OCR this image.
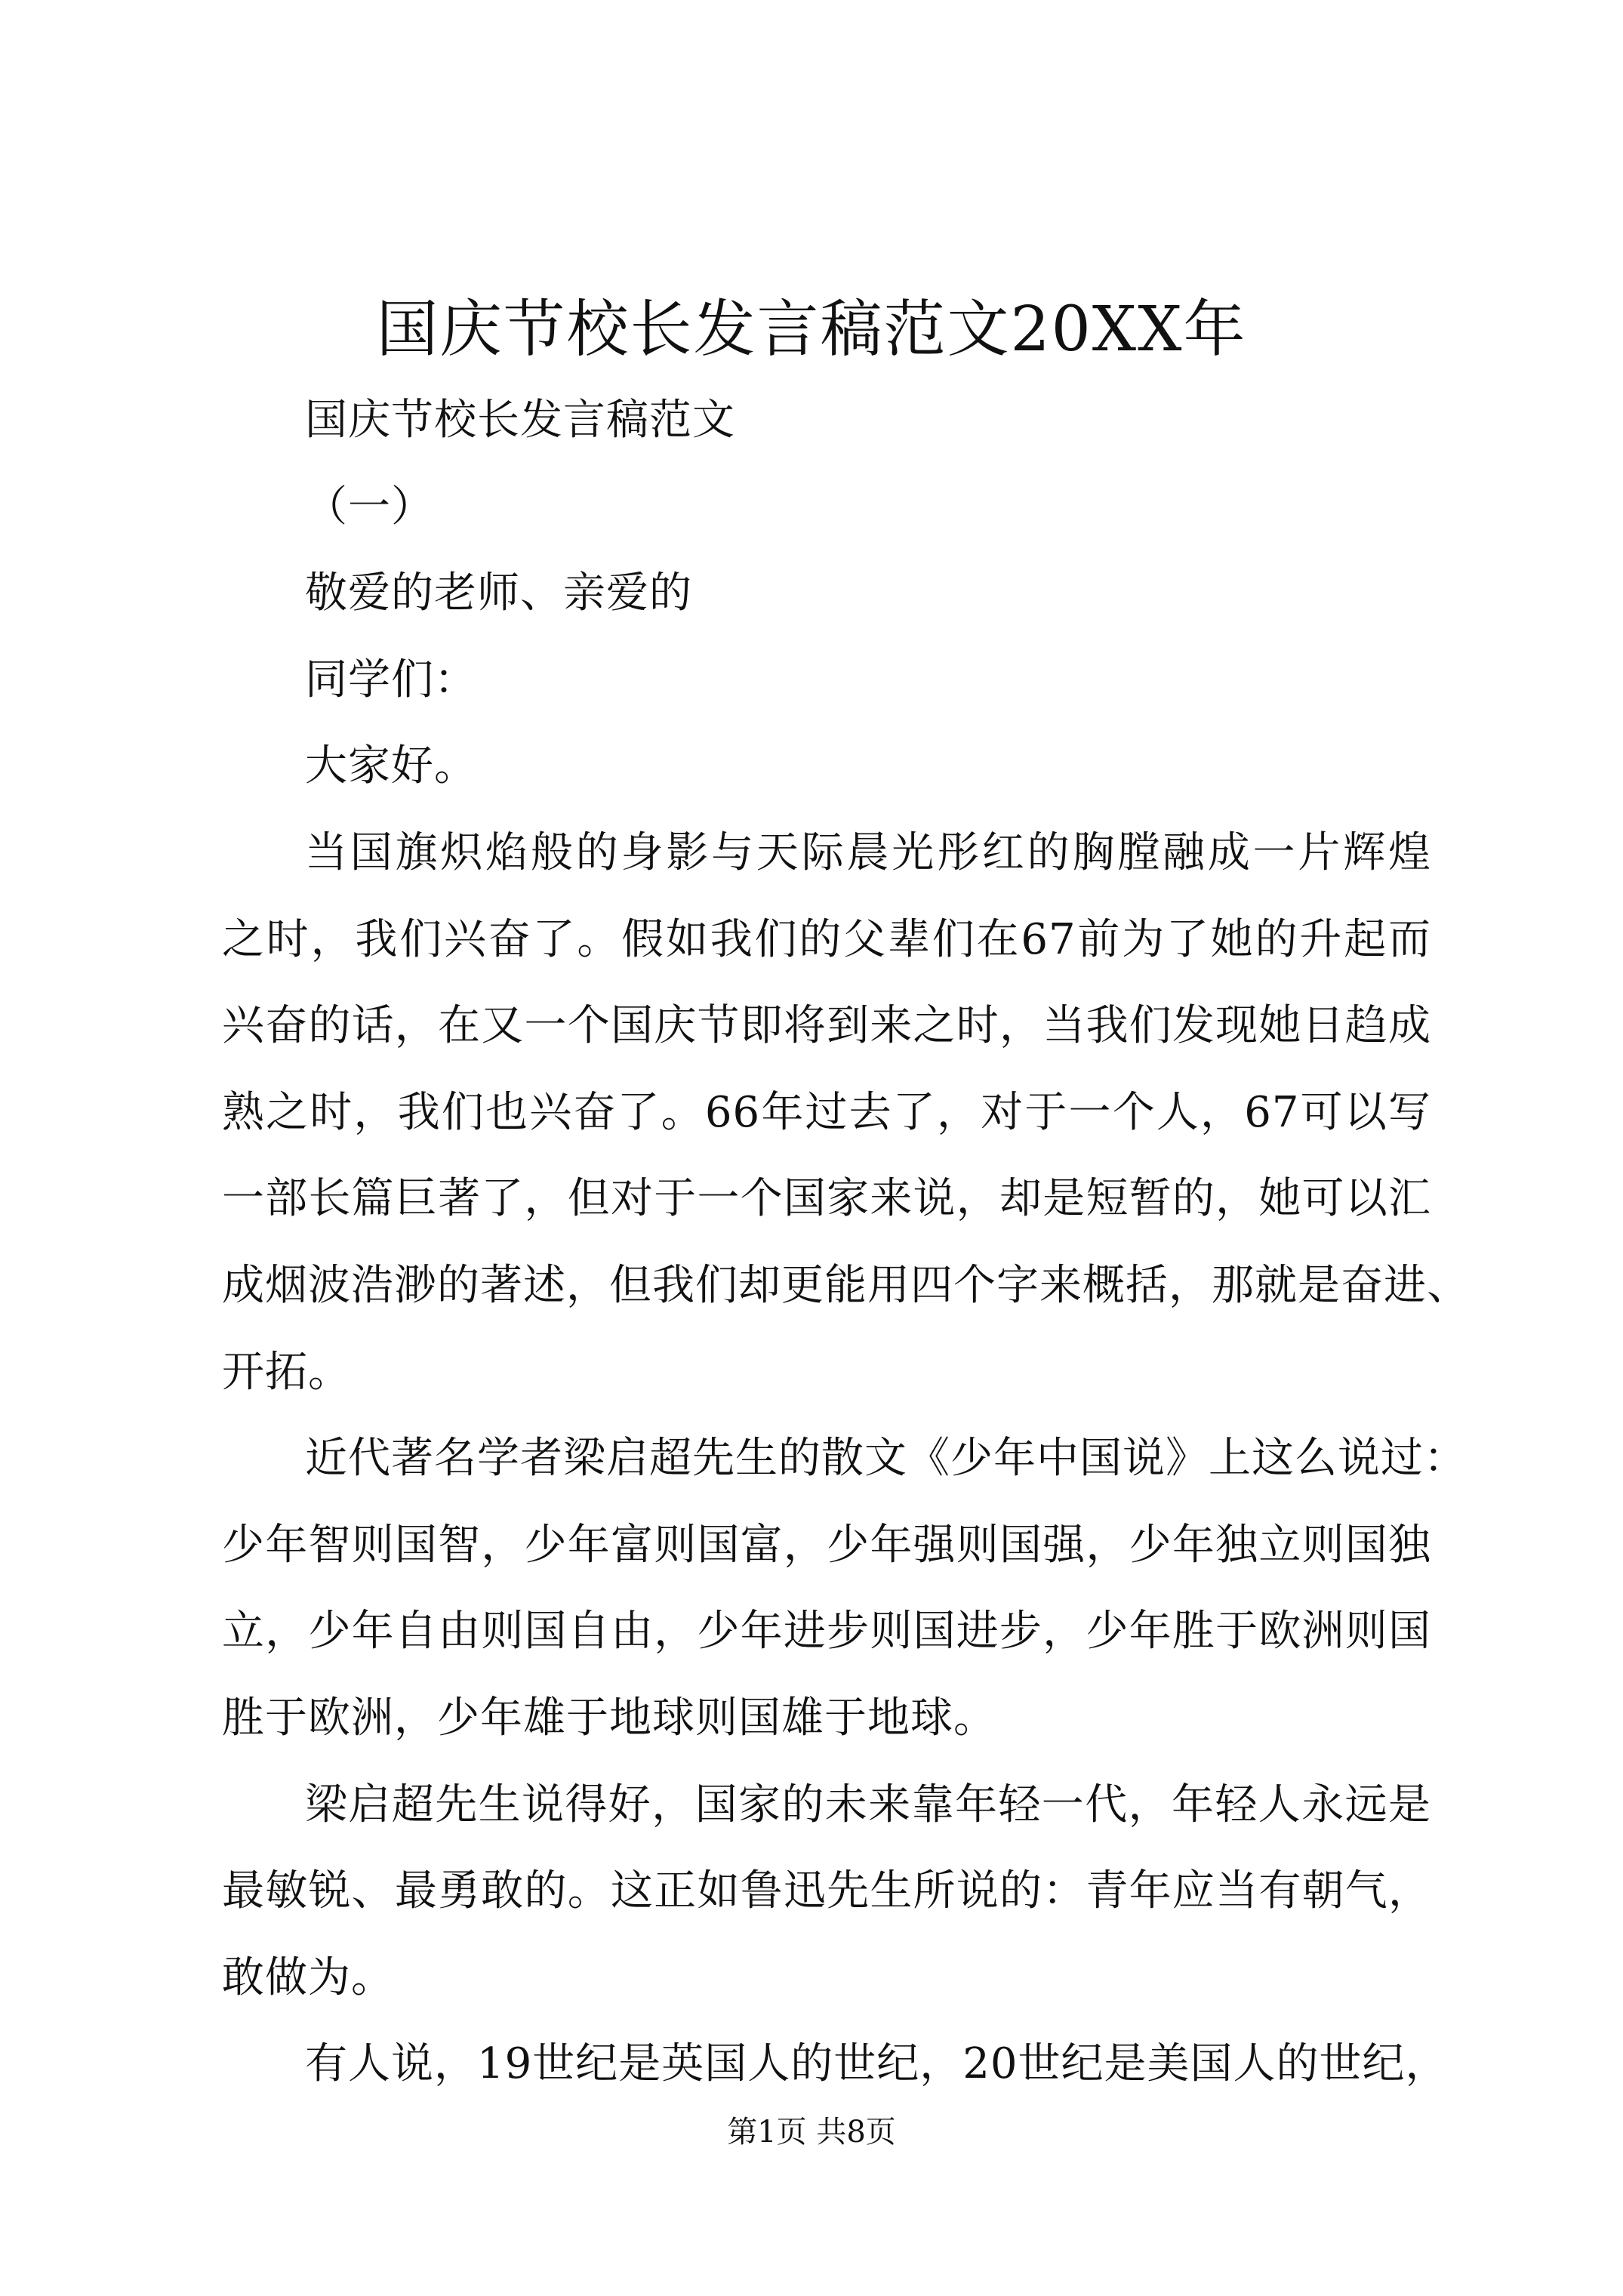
国庆节校长发言稿范文20XX年
国庆节校长发言稿范文
（一）
敬爱的老师、亲爱的
同学们：
大家好。
当国旗炽焰般的身影与天际晨光彤红的胸膛融成一片辉煌
之时，我们兴奋了。假如我们的父辈们在67前为了她的升起而
兴奋的话，在又一个国庆节即将到来之时，当我们发现她日趋成
熟之时，我们也兴奋了。66年过去了，对于一个人，67可以写
一部长篇巨著了，但对于一个国家来说，却是短暂的，她可以汇
成烟波浩渺的著述，但我们却更能用四个字来概括，那就是奋进、
开拓。
近代著名学者梁启超先生的散文《少年中国说》上这么说过：
少年智则国智，少年富则国富，少年强则国强，少年独立则国独
立，少年自由则国自由，少年进步则国进步，少年胜于欧洲则国
胜于欧洲，少年雄于地球则国雄于地球。
梁启超先生说得好，国家的未来靠年轻一代，年轻人永远是
最敏锐、最勇敢的。这正如鲁迅先生所说的：青年应当有朝气，
敢做为。
有人说，19世纪是英国人的世纪，20世纪是美国人的世纪，
第1页 共8页
